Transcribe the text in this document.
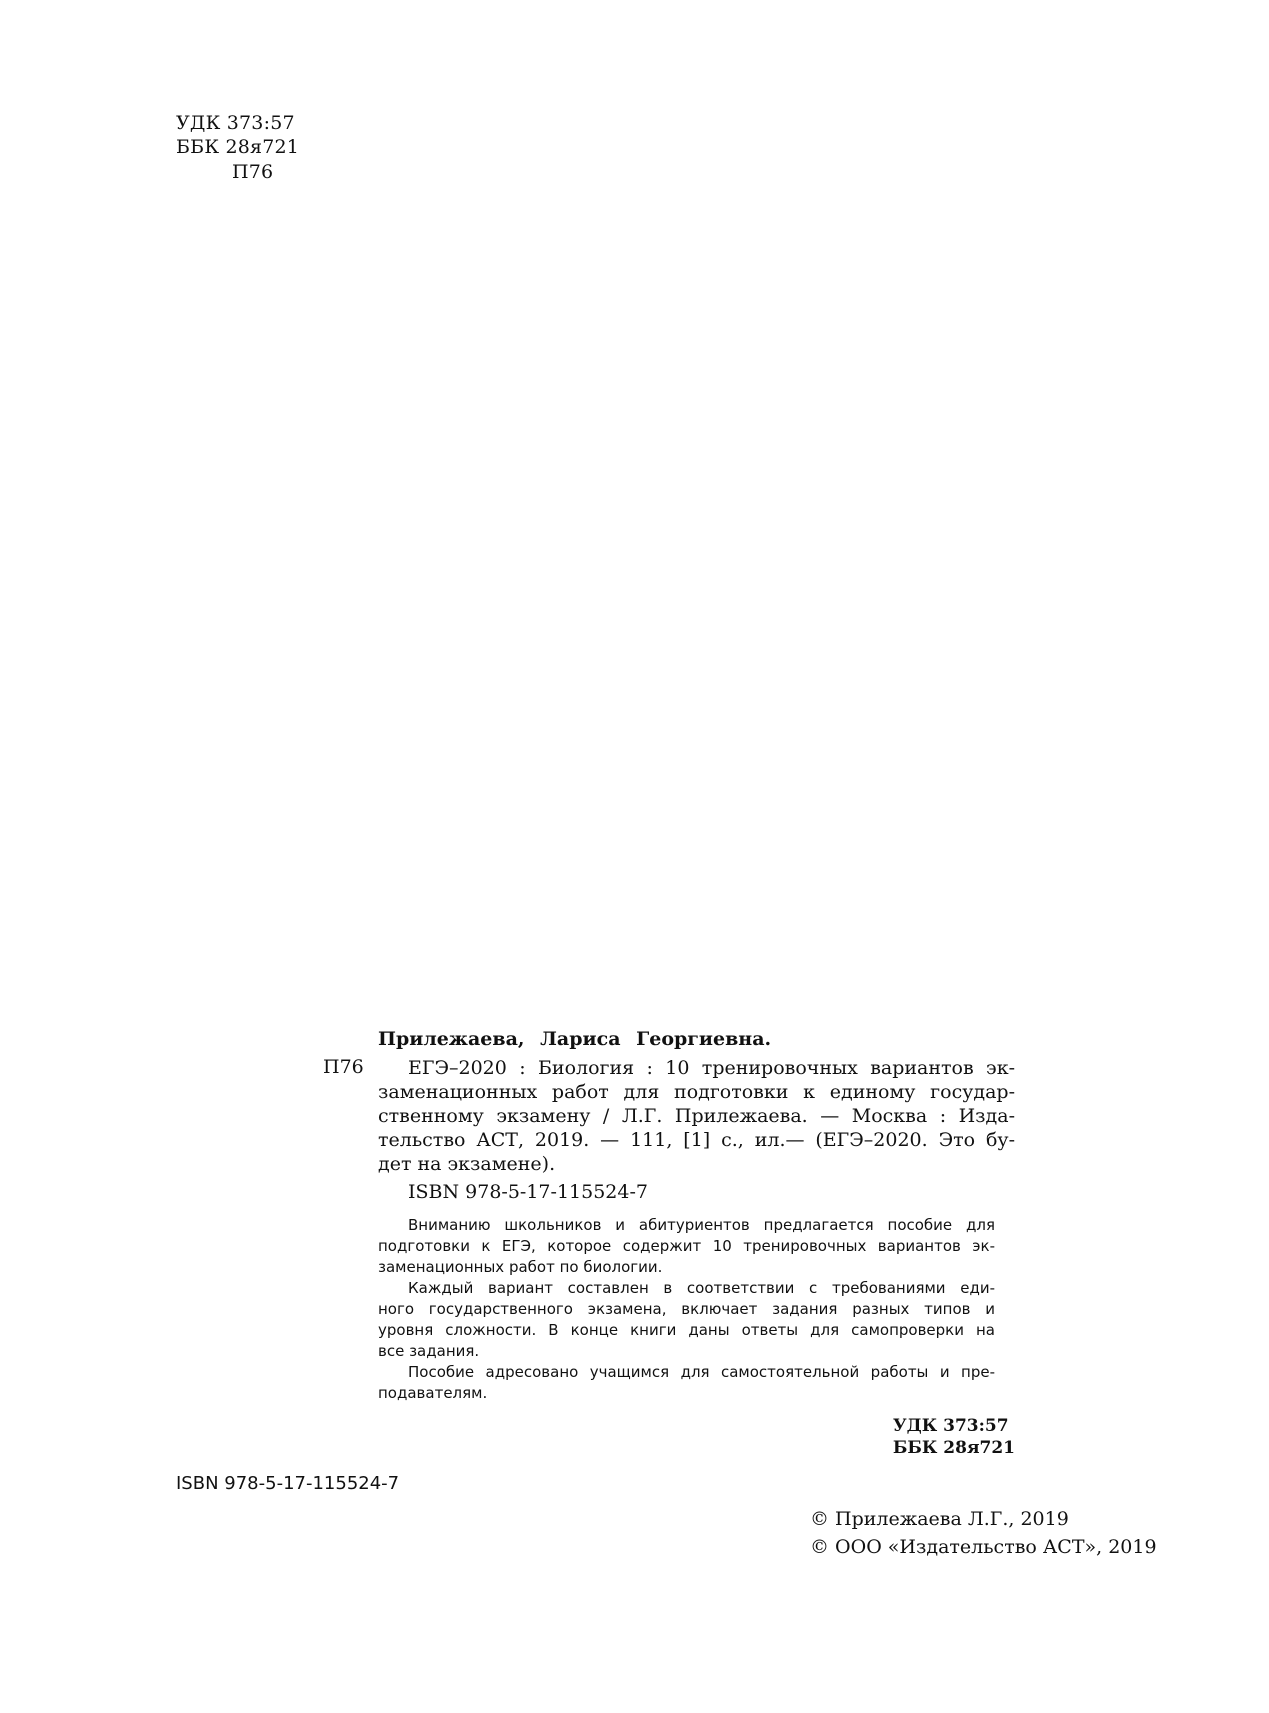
УДК 373:57
ББК 28я721
П76
П76
Прилежаева, Лариса Георгиевна.
ЕГЭ–2020 : Биология : 10 тренировочных вариантов эк-
заменационных работ для подготовки к единому государ-
ственному экзамену / Л.Г. Прилежаева. — Москва : Изда-
тельство АСТ, 2019. — 111, [1] с., ил.— (ЕГЭ–2020. Это бу-
дет на экзамене).
ISBN 978-5-17-115524-7
Вниманию школьников и абитуриентов предлагается пособие для
подготовки к ЕГЭ, которое содержит 10 тренировочных вариантов эк-
заменационных работ по биологии.
Каждый вариант составлен в соответствии с требованиями еди-
ного государственного экзамена, включает задания разных типов и
уровня сложности. В конце книги даны ответы для самопроверки на
все задания.
Пособие адресовано учащимся для самостоятельной работы и пре-
подавателям.
УДК 373:57
ББК 28я721
ISBN 978-5-17-115524-7
© Прилежаева Л.Г., 2019
© ООО «Издательство АСТ», 2019
